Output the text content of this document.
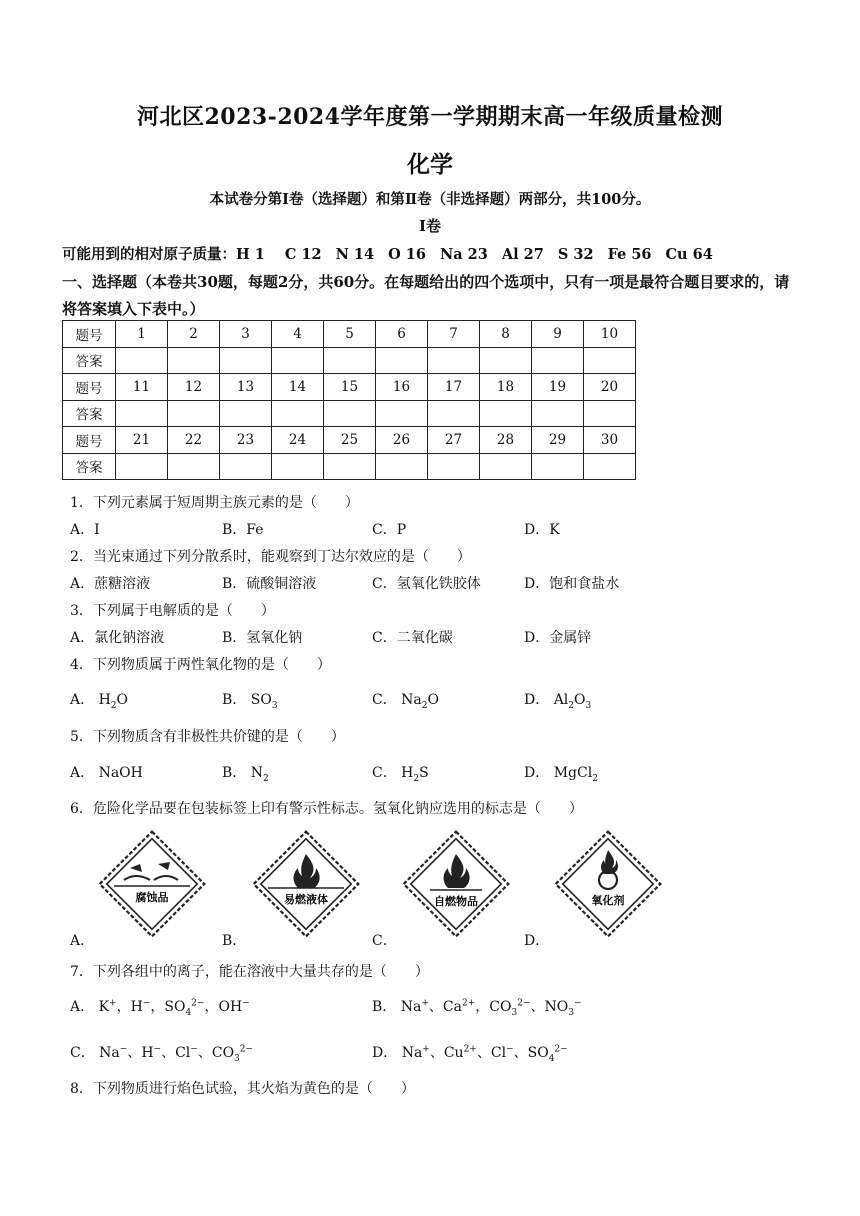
河北区2023-2024学年度第一学期期末高一年级质量检测
化学
本试卷分第Ⅰ卷（选择题）和第Ⅱ卷（非选择题）两部分，共100分。
Ⅰ卷
可能用到的相对原子质量：H 1 C 12 N 14 O 16 Na 23 Al 27 S 32 Fe 56 Cu 64
一、选择题（本卷共30题，每题2分，共60分。在每题给出的四个选项中，只有一项是最符合题目要求的，请将答案填入下表中。）
题号	1	2	3	4	5	6	7	8	9	10
答案										
题号	11	12	13	14	15	16	17	18	19	20
答案										
题号	21	22	23	24	25	26	27	28	29	30
答案										
1．下列元素属于短周期主族元素的是（　　）
A．I	B．Fe	C．P	D．K
2．当光束通过下列分散系时，能观察到丁达尔效应的是（　　）
A．蔗糖溶液	B．硫酸铜溶液	C．氢氧化铁胶体	D．饱和食盐水
3．下列属于电解质的是（　　）
A．氯化钠溶液	B．氢氧化钠	C．二氧化碳	D．金属锌
4．下列物质属于两性氧化物的是（　　）
A． $H_2O$	B． $SO_3$	C． $Na_2O$	D． $Al_2O_3$
5．下列物质含有非极性共价键的是（　　）
A． NaOH	B． $N_2$	C． $H_2S$	D． MgCl$_2$
6．危险化学品要在包装标签上印有警示性标志。氢氧化钠应选用的标志是（　　）
腐蚀品	易燃液体	自燃物品	氧化剂
A．	B．	C．	D．
7．下列各组中的离子，能在溶液中大量共存的是（　　）
A． K+，H−，$SO_4^{2-}$，OH−	B． Na+、$Ca^{2+}$，$CO_3^{2-}$、$NO_3^-$
C． Na−、H−、Cl−、$CO_3^{2-}$	D． Na+、$Cu^{2+}$、Cl−、$SO_4^{2-}$
8．下列物质进行焰色试验，其火焰为黄色的是（　　）
